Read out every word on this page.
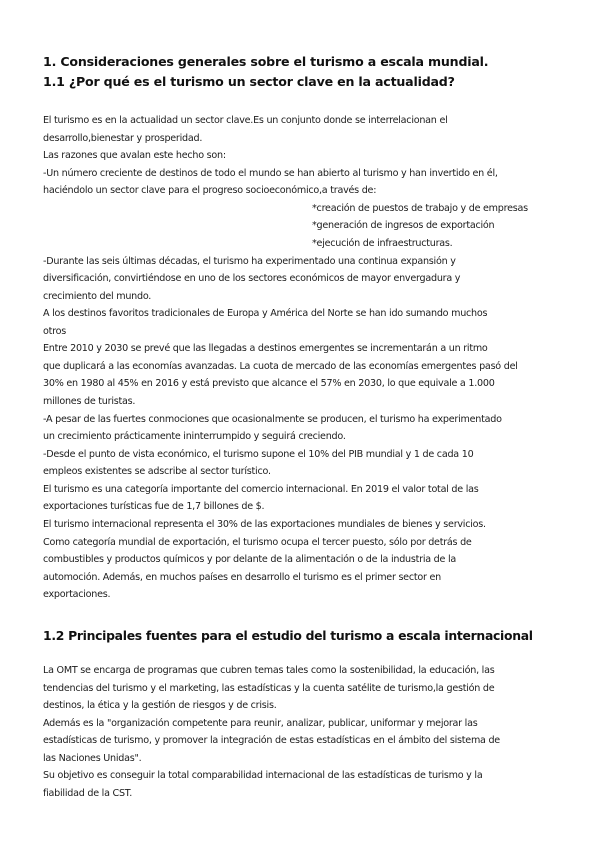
1. Consideraciones generales sobre el turismo a escala mundial.
1.1 ¿Por qué es el turismo un sector clave en la actualidad?

El turismo es en la actualidad un sector clave.Es un conjunto donde se interrelacionan el

desarrollo,bienestar y prosperidad.

Las razones que avalan este hecho son:

-Un número creciente de destinos de todo el mundo se han abierto al turismo y han invertido en él,

haciéndolo un sector clave para el progreso socioeconómico,a través de:

*creación de puestos de trabajo y de empresas

*generación de ingresos de exportación

*ejecución de infraestructuras.

-Durante las seis últimas décadas, el turismo ha experimentado una continua expansión y

diversificación, convirtiéndose en uno de los sectores económicos de mayor envergadura y

crecimiento del mundo.

A los destinos favoritos tradicionales de Europa y América del Norte se han ido sumando muchos

otros

Entre 2010 y 2030 se prevé que las llegadas a destinos emergentes se incrementarán a un ritmo

que duplicará a las economías avanzadas. La cuota de mercado de las economías emergentes pasó del

30% en 1980 al 45% en 2016 y está previsto que alcance el 57% en 2030, lo que equivale a 1.000

millones de turistas.

-A pesar de las fuertes conmociones que ocasionalmente se producen, el turismo ha experimentado

un crecimiento prácticamente ininterrumpido y seguirá creciendo.

-Desde el punto de vista económico, el turismo supone el 10% del PIB mundial y 1 de cada 10

empleos existentes se adscribe al sector turístico.

El turismo es una categoría importante del comercio internacional. En 2019 el valor total de las

exportaciones turísticas fue de 1,7 billones de $.

El turismo internacional representa el 30% de las exportaciones mundiales de bienes y servicios.

Como categoría mundial de exportación, el turismo ocupa el tercer puesto, sólo por detrás de

combustibles y productos químicos y por delante de la alimentación o de la industria de la

automoción. Además, en muchos países en desarrollo el turismo es el primer sector en

exportaciones.

1.2 Principales fuentes para el estudio del turismo a escala internacional

La OMT se encarga de programas que cubren temas tales como la sostenibilidad, la educación, las

tendencias del turismo y el marketing, las estadísticas y la cuenta satélite de turismo,la gestión de

destinos, la ética y la gestión de riesgos y de crisis.

Además es la "organización competente para reunir, analizar, publicar, uniformar y mejorar las

estadísticas de turismo, y promover la integración de estas estadísticas en el ámbito del sistema de

las Naciones Unidas".

Su objetivo es conseguir la total comparabilidad internacional de las estadísticas de turismo y la

fiabilidad de la CST.
